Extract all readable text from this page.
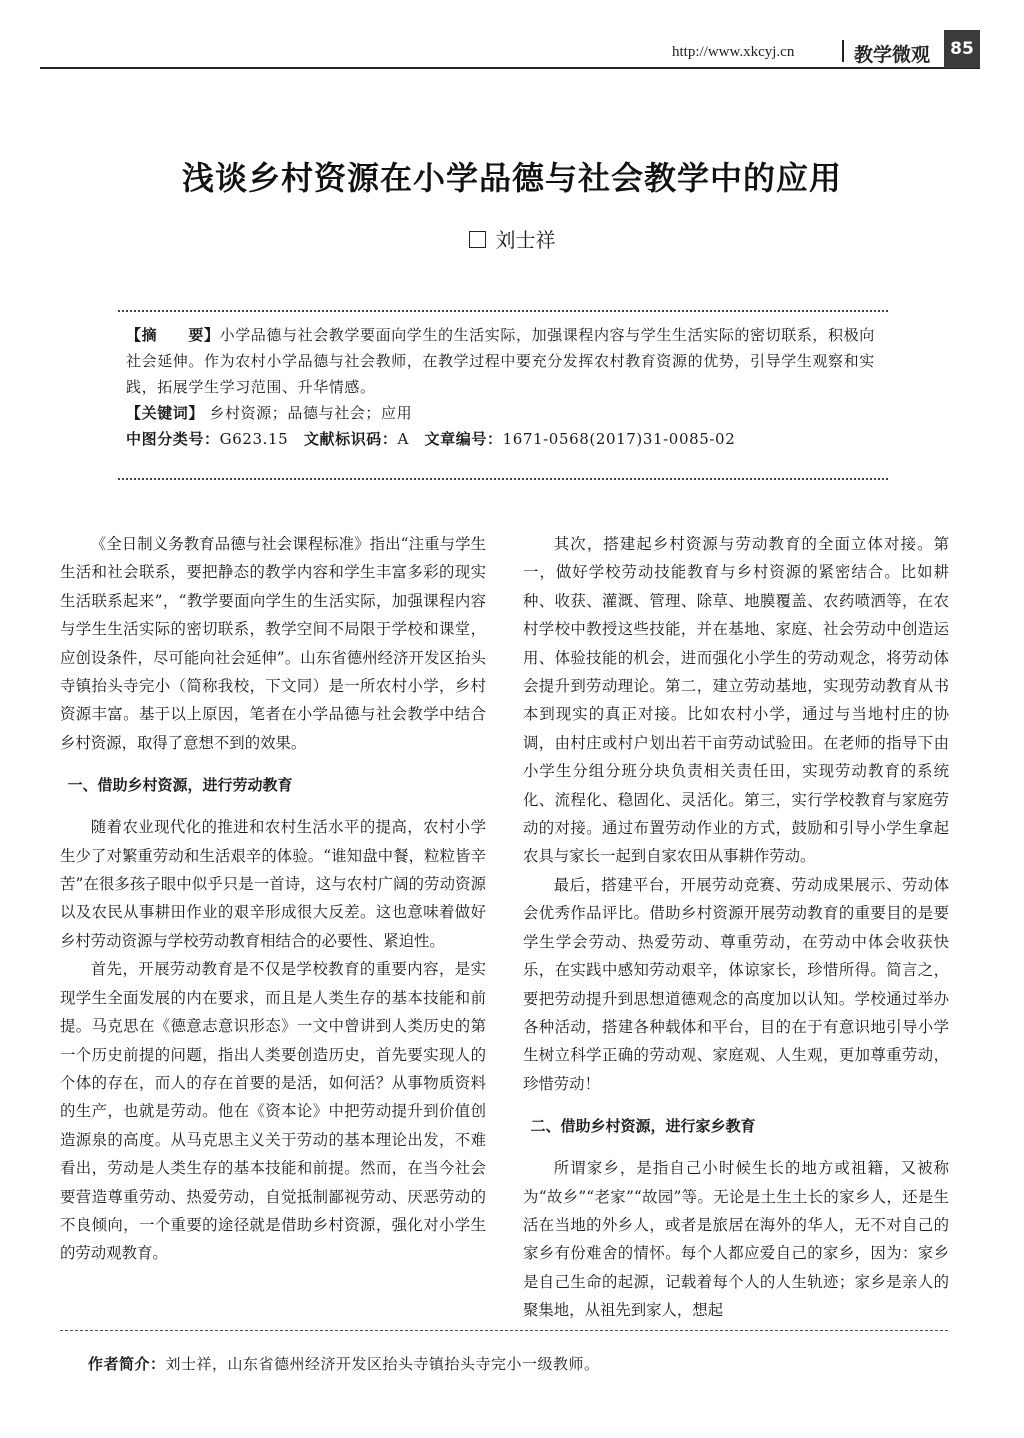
http://www.xkcyj.cn	教学微观	85
浅谈乡村资源在小学品德与社会教学中的应用
刘士祥

【摘　　要】小学品德与社会教学要面向学生的生活实际，加强课程内容与学生生活实际的密切联系，积极向社会延伸。作为农村小学品德与社会教师，在教学过程中要充分发挥农村教育资源的优势，引导学生观察和实践，拓展学生学习范围、升华情感。

【关键词】 乡村资源；品德与社会；应用

中图分类号：G623.15  文献标识码：A  文章编号：1671-0568(2017)31-0085-02

《全日制义务教育品德与社会课程标准》指出“注重与学生生活和社会联系，要把静态的教学内容和学生丰富多彩的现实生活联系起来”，“教学要面向学生的生活实际，加强课程内容与学生生活实际的密切联系，教学空间不局限于学校和课堂，应创设条件，尽可能向社会延伸”。山东省德州经济开发区抬头寺镇抬头寺完小（简称我校，下文同）是一所农村小学，乡村资源丰富。基于以上原因，笔者在小学品德与社会教学中结合乡村资源，取得了意想不到的效果。

一、借助乡村资源，进行劳动教育

随着农业现代化的推进和农村生活水平的提高，农村小学生少了对繁重劳动和生活艰辛的体验。“谁知盘中餐，粒粒皆辛苦”在很多孩子眼中似乎只是一首诗，这与农村广阔的劳动资源以及农民从事耕田作业的艰辛形成很大反差。这也意味着做好乡村劳动资源与学校劳动教育相结合的必要性、紧迫性。

首先，开展劳动教育是不仅是学校教育的重要内容，是实现学生全面发展的内在要求，而且是人类生存的基本技能和前提。马克思在《德意志意识形态》一文中曾讲到人类历史的第一个历史前提的问题，指出人类要创造历史，首先要实现人的个体的存在，而人的存在首要的是活，如何活？从事物质资料的生产，也就是劳动。他在《资本论》中把劳动提升到价值创造源泉的高度。从马克思主义关于劳动的基本理论出发，不难看出，劳动是人类生存的基本技能和前提。然而，在当今社会要营造尊重劳动、热爱劳动，自觉抵制鄙视劳动、厌恶劳动的不良倾向，一个重要的途径就是借助乡村资源，强化对小学生的劳动观教育。

其次，搭建起乡村资源与劳动教育的全面立体对接。第一，做好学校劳动技能教育与乡村资源的紧密结合。比如耕种、收获、灌溉、管理、除草、地膜覆盖、农药喷洒等，在农村学校中教授这些技能，并在基地、家庭、社会劳动中创造运用、体验技能的机会，进而强化小学生的劳动观念，将劳动体会提升到劳动理论。第二，建立劳动基地，实现劳动教育从书本到现实的真正对接。比如农村小学，通过与当地村庄的协调，由村庄或村户划出若干亩劳动试验田。在老师的指导下由小学生分组分班分块负责相关责任田，实现劳动教育的系统化、流程化、稳固化、灵活化。第三，实行学校教育与家庭劳动的对接。通过布置劳动作业的方式，鼓励和引导小学生拿起农具与家长一起到自家农田从事耕作劳动。

最后，搭建平台，开展劳动竞赛、劳动成果展示、劳动体会优秀作品评比。借助乡村资源开展劳动教育的重要目的是要学生学会劳动、热爱劳动、尊重劳动，在劳动中体会收获快乐，在实践中感知劳动艰辛，体谅家长，珍惜所得。简言之，要把劳动提升到思想道德观念的高度加以认知。学校通过举办各种活动，搭建各种载体和平台，目的在于有意识地引导小学生树立科学正确的劳动观、家庭观、人生观，更加尊重劳动，珍惜劳动！

二、借助乡村资源，进行家乡教育

所谓家乡，是指自己小时候生长的地方或祖籍，又被称为“故乡”“老家”“故园”等。无论是土生土长的家乡人，还是生活在当地的外乡人，或者是旅居在海外的华人，无不对自己的家乡有份难舍的情怀。每个人都应爱自己的家乡，因为：家乡是自己生命的起源，记载着每个人的人生轨迹；家乡是亲人的聚集地，从祖先到家人，想起

作者简介：刘士祥，山东省德州经济开发区抬头寺镇抬头寺完小一级教师。
